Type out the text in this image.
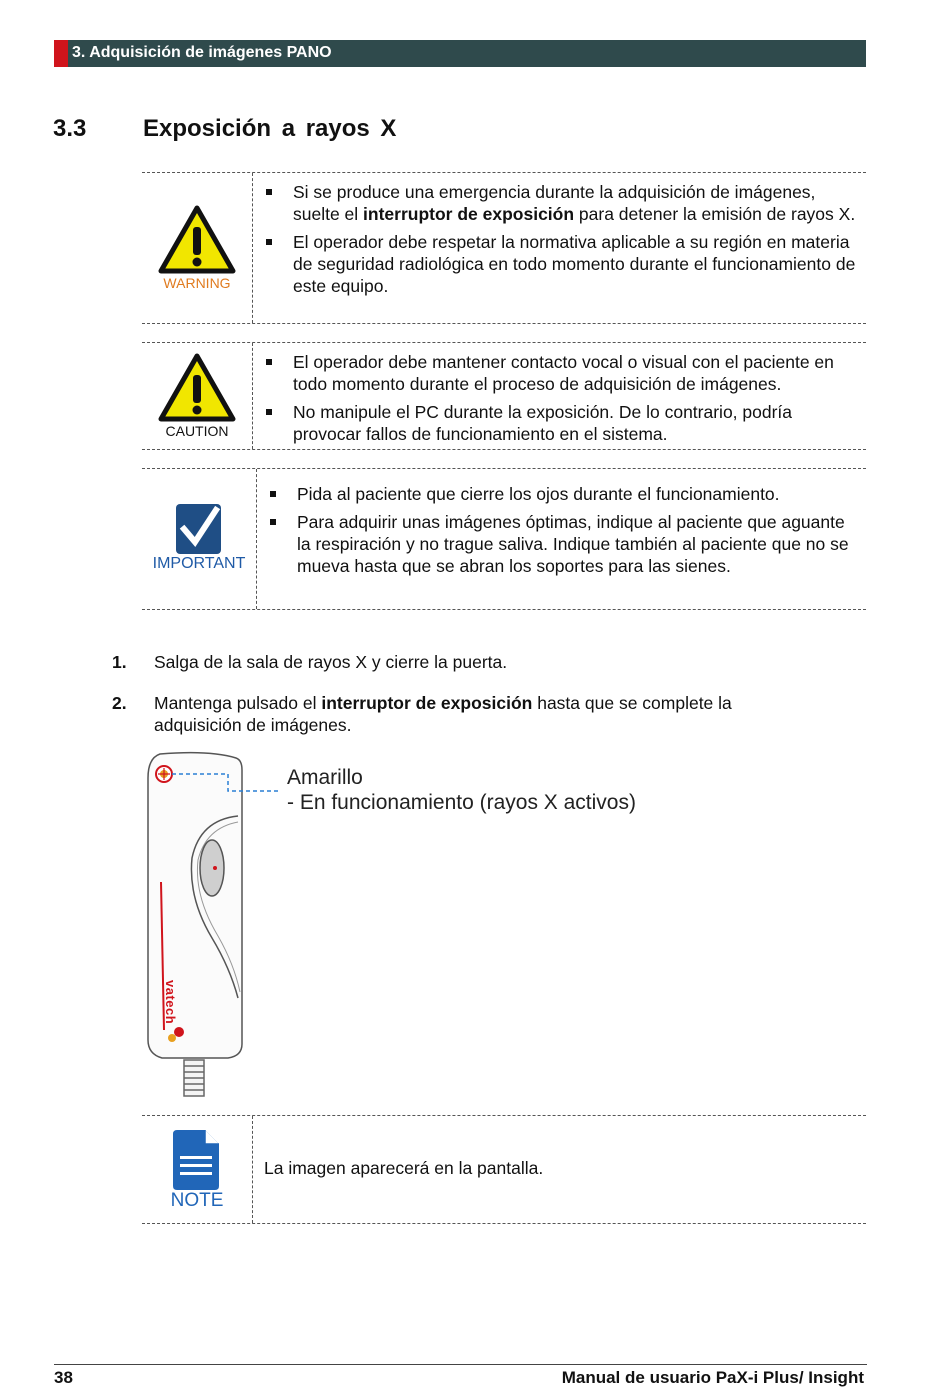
3. Adquisición de imágenes PANO
3.3 Exposición a rayos X
WARNING
Si se produce una emergencia durante la adquisición de imágenes, suelte el interruptor de exposición para detener la emisión de rayos X.
El operador debe respetar la normativa aplicable a su región en materia de seguridad radiológica en todo momento durante el funcionamiento de este equipo.
CAUTION
El operador debe mantener contacto vocal o visual con el paciente en todo momento durante el proceso de adquisición de imágenes.
No manipule el PC durante la exposición. De lo contrario, podría provocar fallos de funcionamiento en el sistema.
IMPORTANT
Pida al paciente que cierre los ojos durante el funcionamiento.
Para adquirir unas imágenes óptimas, indique al paciente que aguante la respiración y no trague saliva. Indique también al paciente que no se mueva hasta que se abran los soportes para las sienes.
1. Salga de la sala de rayos X y cierre la puerta.
2. Mantenga pulsado el interruptor de exposición hasta que se complete la adquisición de imágenes.
vatech
Amarillo
- En funcionamiento (rayos X activos)
NOTE
La imagen aparecerá en la pantalla.
38	Manual de usuario PaX-i Plus/ Insight
